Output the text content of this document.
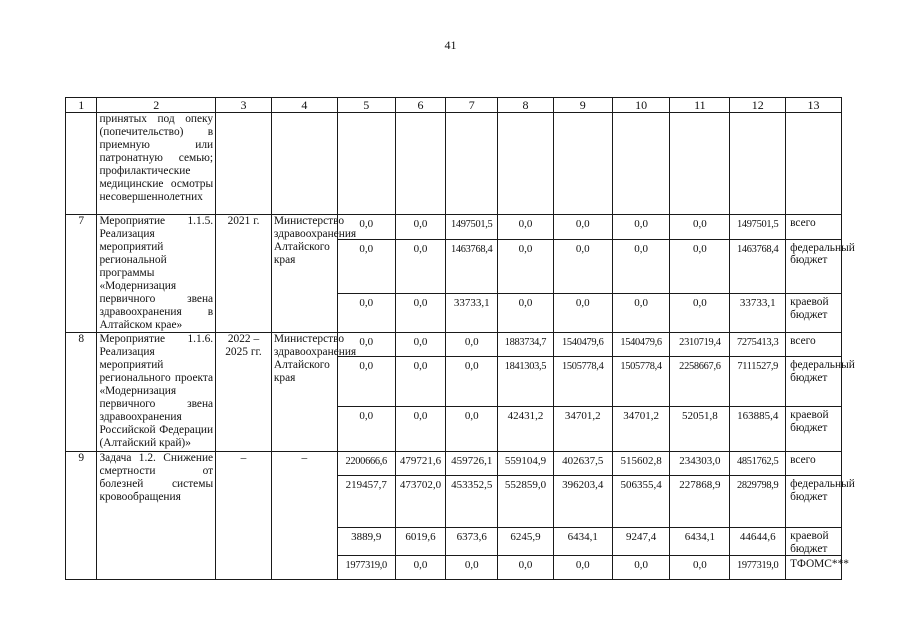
41
1	2	3	4	5	6	7	8	9	10	11	12	13
	принятых под опеку (попечительство) в приемную или патронатную семью; профилактические медицинские осмотры несовершеннолетних											
7	Мероприятие 1.1.5. Реализация мероприятий региональной программы «Модернизация первичного звена здравоохранения в Алтайском крае»	2021 г.	Министерство здравоохранения Алтайского края	0,0	0,0	1497501,5	0,0	0,0	0,0	0,0	1497501,5	всего
				0,0	0,0	1463768,4	0,0	0,0	0,0	0,0	1463768,4	федеральный бюджет
				0,0	0,0	33733,1	0,0	0,0	0,0	0,0	33733,1	краевой бюджет
8	Мероприятие 1.1.6. Реализация мероприятий регионального проекта «Модернизация первичного звена здравоохранения Российской Федерации (Алтайский край)»	2022 – 2025 гг.	Министерство здравоохранения Алтайского края	0,0	0,0	0,0	1883734,7	1540479,6	1540479,6	2310719,4	7275413,3	всего
				0,0	0,0	0,0	1841303,5	1505778,4	1505778,4	2258667,6	7111527,9	федеральный бюджет
				0,0	0,0	0,0	42431,2	34701,2	34701,2	52051,8	163885,4	краевой бюджет
9	Задача 1.2. Снижение смертности от болезней системы кровообращения	–	–	2200666,6	479721,6	459726,1	559104,9	402637,5	515602,8	234303,0	4851762,5	всего
				219457,7	473702,0	453352,5	552859,0	396203,4	506355,4	227868,9	2829798,9	федеральный бюджет
				3889,9	6019,6	6373,6	6245,9	6434,1	9247,4	6434,1	44644,6	краевой бюджет
				1977319,0	0,0	0,0	0,0	0,0	0,0	0,0	1977319,0	ТФОМС***
